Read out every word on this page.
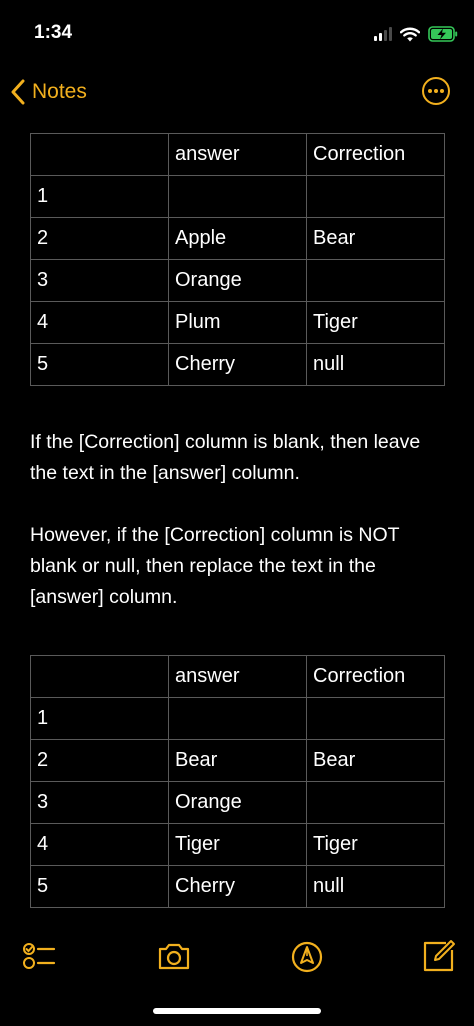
1:34
Notes
	answer	Correction
1		
2	Apple	Bear
3	Orange	
4	Plum	Tiger
5	Cherry	null

If the [Correction] column is blank, then leave the text in the [answer] column.

However, if the [Correction] column is NOT blank or null, then replace the text in the [answer] column.

	answer	Correction
1		
2	Bear	Bear
3	Orange	
4	Tiger	Tiger
5	Cherry	null
